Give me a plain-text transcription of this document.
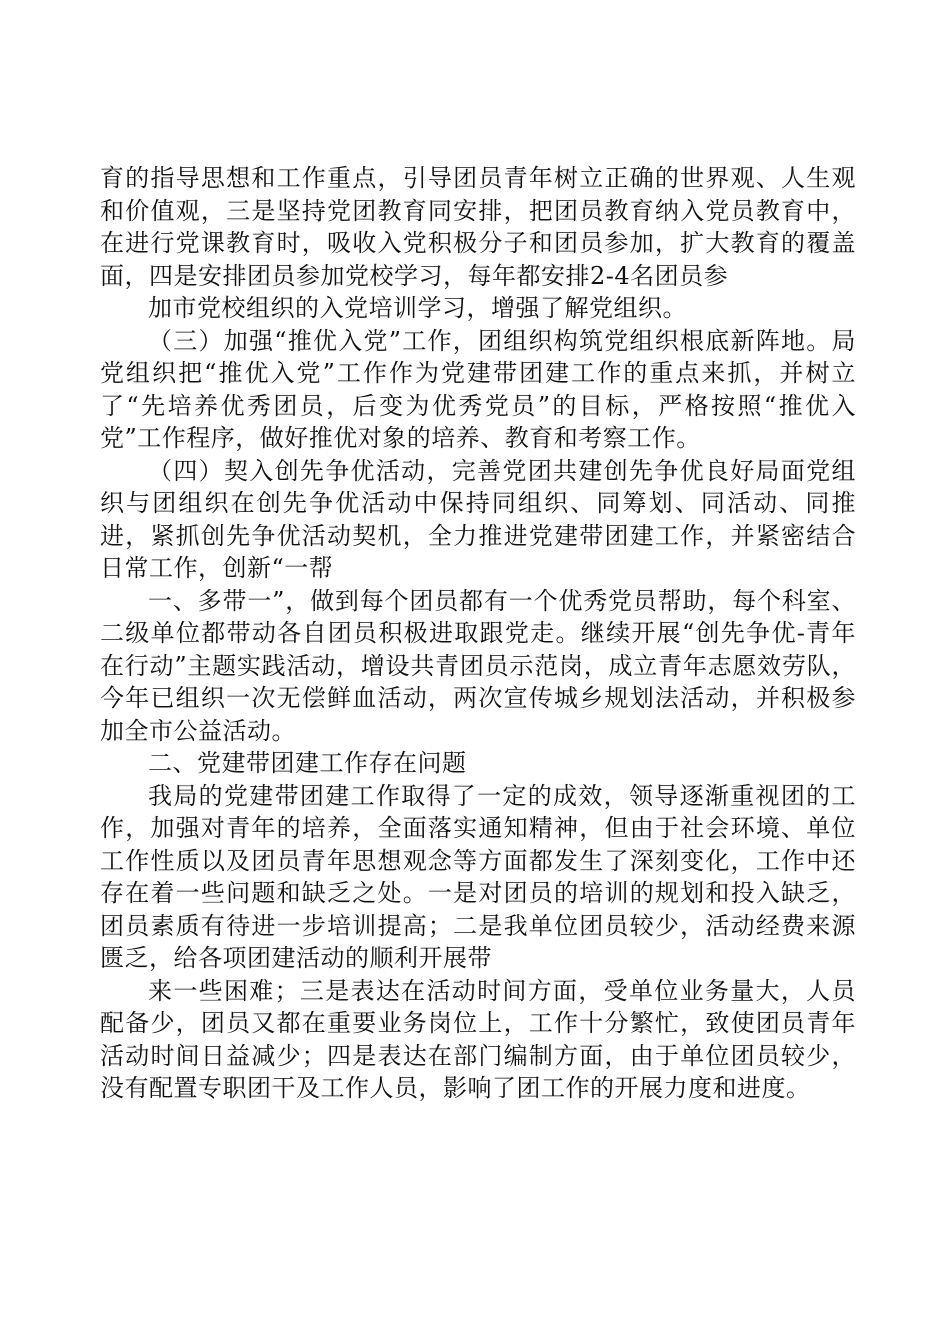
育的指导思想和工作重点，引导团员青年树立正确的世界观、人生观和价值观，三是坚持党团教育同安排，把团员教育纳入党员教育中，在进行党课教育时，吸收入党积极分子和团员参加，扩大教育的覆盖面，四是安排团员参加党校学习，每年都安排2-4名团员参

加市党校组织的入党培训学习，增强了解党组织。

（三）加强“推优入党”工作，团组织构筑党组织根底新阵地。局党组织把“推优入党”工作作为党建带团建工作的重点来抓，并树立了“先培养优秀团员，后变为优秀党员”的目标，严格按照“推优入党”工作程序，做好推优对象的培养、教育和考察工作。

（四）契入创先争优活动，完善党团共建创先争优良好局面党组织与团组织在创先争优活动中保持同组织、同筹划、同活动、同推进，紧抓创先争优活动契机，全力推进党建带团建工作，并紧密结合日常工作，创新“一帮

一、多带一”，做到每个团员都有一个优秀党员帮助，每个科室、二级单位都带动各自团员积极进取跟党走。继续开展“创先争优-青年在行动”主题实践活动，增设共青团员示范岗，成立青年志愿效劳队，今年已组织一次无偿鲜血活动，两次宣传城乡规划法活动，并积极参加全市公益活动。

二、党建带团建工作存在问题

我局的党建带团建工作取得了一定的成效，领导逐渐重视团的工作，加强对青年的培养，全面落实通知精神，但由于社会环境、单位工作性质以及团员青年思想观念等方面都发生了深刻变化，工作中还存在着一些问题和缺乏之处。一是对团员的培训的规划和投入缺乏，团员素质有待进一步培训提高；二是我单位团员较少，活动经费来源匮乏，给各项团建活动的顺利开展带

来一些困难；三是表达在活动时间方面，受单位业务量大，人员配备少，团员又都在重要业务岗位上，工作十分繁忙，致使团员青年活动时间日益减少；四是表达在部门编制方面，由于单位团员较少，没有配置专职团干及工作人员，影响了团工作的开展力度和进度。
